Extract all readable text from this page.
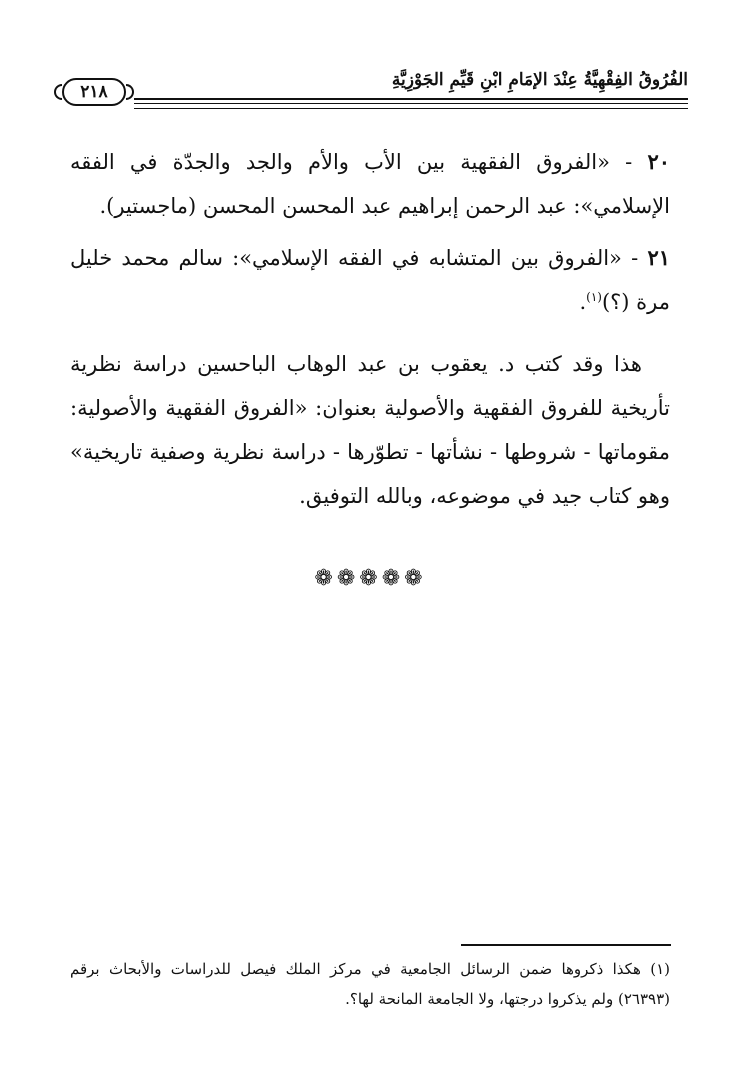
الفُرُوقُ الفِقْهِيَّةُ عِنْدَ الإمَامِ ابْنِ قَيِّمِ الجَوْزِيَّةِ
٢١٨

٢٠ - «الفروق الفقهية بين الأب والأم والجد والجدّة في الفقه الإسلامي»: عبد الرحمن إبراهيم عبد المحسن المحسن (ماجستير).

٢١ - «الفروق بين المتشابه في الفقه الإسلامي»: سالم محمد خليل مرة (؟)$^{(١)}$.

هذا وقد كتب د. يعقوب بن عبد الوهاب الباحسين دراسة نظرية تأريخية للفروق الفقهية والأصولية بعنوان: «الفروق الفقهية والأصولية: مقوماتها - شروطها - نشأتها - تطوّرها - دراسة نظرية وصفية تاريخية» وهو كتاب جيد في موضوعه، وبالله التوفيق.

❁❁❁❁❁
(١) هكذا ذكروها ضمن الرسائل الجامعية في مركز الملك فيصل للدراسات والأبحاث برقم (٢٦٣٩٣) ولم يذكروا درجتها، ولا الجامعة المانحة لها؟.
